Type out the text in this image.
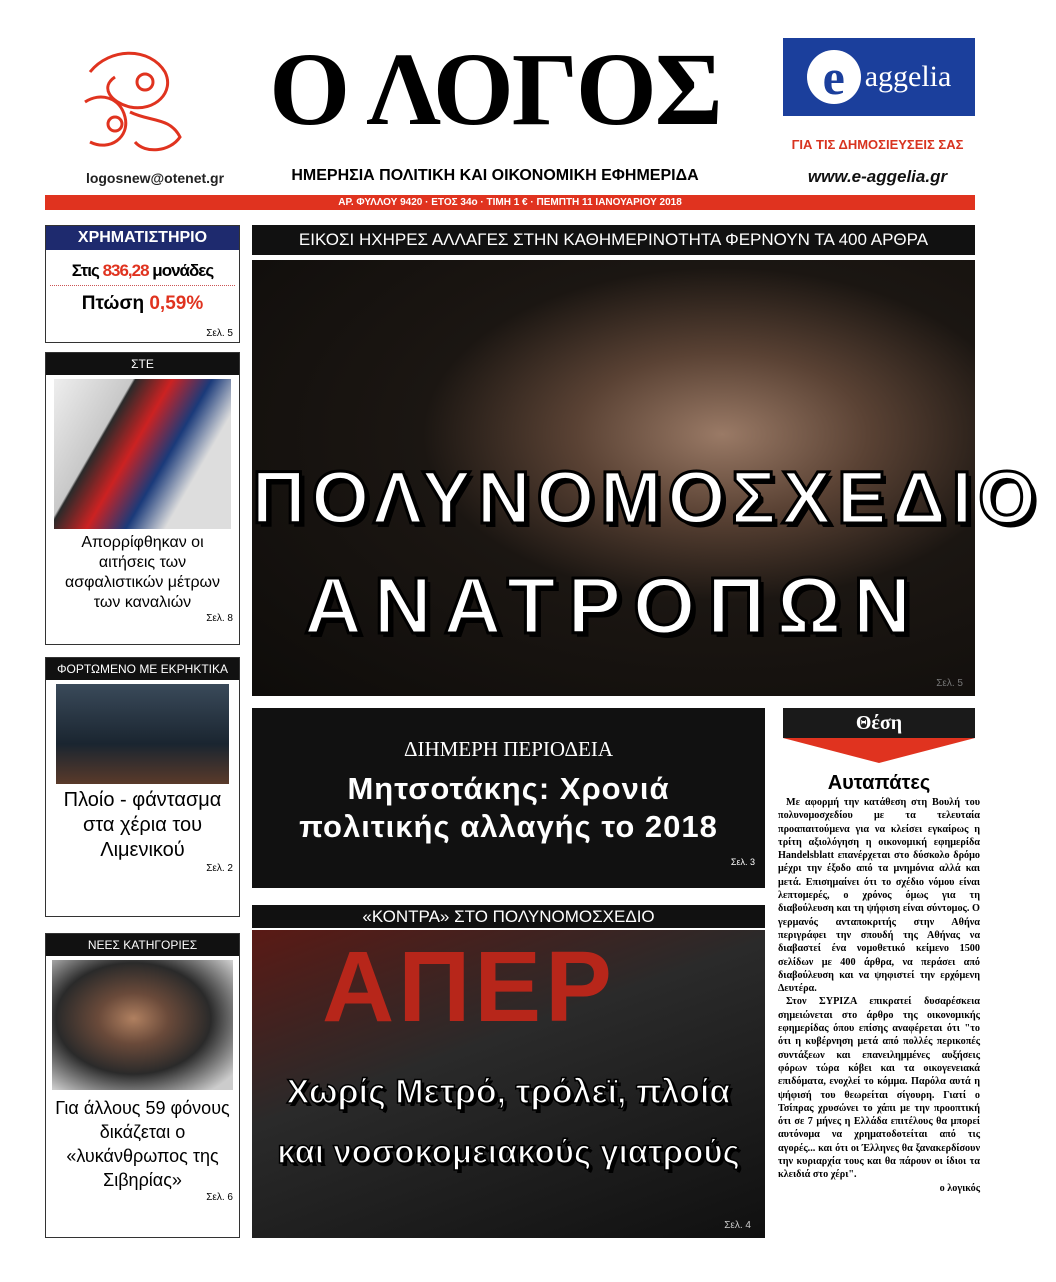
logosnew@otenet.gr
Ο ΛΟΓΟΣ
ΗΜΕΡΗΣΙΑ ΠΟΛΙΤΙΚΗ ΚΑΙ ΟΙΚΟΝΟΜΙΚΗ ΕΦΗΜΕΡΙΔΑ
e aggelia
ΓΙΑ ΤΙΣ ΔΗΜΟΣΙΕΥΣΕΙΣ ΣΑΣ
www.e-aggelia.gr
ΑΡ. ΦΥΛΛΟΥ 9420 · ΕΤΟΣ 34ο · ΤΙΜΗ 1 € · ΠΕΜΠΤΗ 11 ΙΑΝΟΥΑΡΙΟΥ 2018
ΧΡΗΜΑΤΙΣΤΗΡΙΟ
Στις 836,28 μονάδες
Πτώση 0,59%
Σελ. 5
ΣΤΕ
Απορρίφθηκαν οι αιτήσεις των ασφαλιστικών μέτρων των καναλιών
Σελ. 8
ΦΟΡΤΩΜΕΝΟ ΜΕ ΕΚΡΗΚΤΙΚΑ
Πλοίο - φάντασμα στα χέρια του Λιμενικού
Σελ. 2
ΝΕΕΣ ΚΑΤΗΓΟΡΙΕΣ
Για άλλους 59 φόνους δικάζεται ο «λυκάνθρωπος της Σιβηρίας»
Σελ. 6
ΕΙΚΟΣΙ ΗΧΗΡΕΣ ΑΛΛΑΓΕΣ ΣΤΗΝ ΚΑΘΗΜΕΡΙΝΟΤΗΤΑ ΦΕΡΝΟΥΝ ΤΑ 400 ΑΡΘΡΑ
ΠΟΛΥΝΟΜΟΣΧΕΔΙΟ
ΑΝΑΤΡΟΠΩΝ
Σελ. 5
ΔΙΗΜΕΡΗ ΠΕΡΙΟΔΕΙΑ
Μητσοτάκης: Χρονιά
πολιτικής αλλαγής το 2018
Σελ. 3
«ΚΟΝΤΡΑ» ΣΤΟ ΠΟΛΥΝΟΜΟΣΧΕΔΙΟ
ΑΠΕΡ
Χωρίς Μετρό, τρόλεϊ, πλοία
και νοσοκομειακούς γιατρούς
Σελ. 4
Θέση
Αυταπάτες

Με αφορμή την κατάθεση στη Βουλή του πολυνομοσχεδίου με τα τελευταία προαπαιτούμενα για να κλείσει εγκαίρως η τρίτη αξιολόγηση η οικονομική εφημερίδα Handelsblatt επανέρχεται στο δύσκολο δρόμο μέχρι την έξοδο από τα μνημόνια αλλά και μετά. Επισημαίνει ότι το σχέδιο νόμου είναι λεπτομερές, ο χρόνος όμως για τη διαβούλευση και τη ψήφιση είναι σύντομος. Ο γερμανός ανταποκριτής στην Αθήνα περιγράφει την σπουδή της Αθήνας να διαβαστεί ένα νομοθετικό κείμενο 1500 σελίδων με 400 άρθρα, να περάσει από διαβούλευση και να ψηφιστεί την ερχόμενη Δευτέρα.

Στον ΣΥΡΙΖΑ επικρατεί δυσαρέσκεια σημειώνεται στο άρθρο της οικονομικής εφημερίδας όπου επίσης αναφέρεται ότι "το ότι η κυβέρνηση μετά από πολλές περικοπές συντάξεων και επανειλημμένες αυξήσεις φόρων τώρα κόβει και τα οικογενειακά επιδόματα, ενοχλεί το κόμμα. Παρόλα αυτά η ψήφισή του θεωρείται σίγουρη. Γιατί ο Τσίπρας χρυσώνει το χάπι με την προοπτική ότι σε 7 μήνες η Ελλάδα επιτέλους θα μπορεί αυτόνομα να χρηματοδοτείται από τις αγορές... και ότι οι Έλληνες θα ξανακερδίσουν την κυριαρχία τους και θα πάρουν οι ίδιοι τα κλειδιά στο χέρι".

ο λογικός
